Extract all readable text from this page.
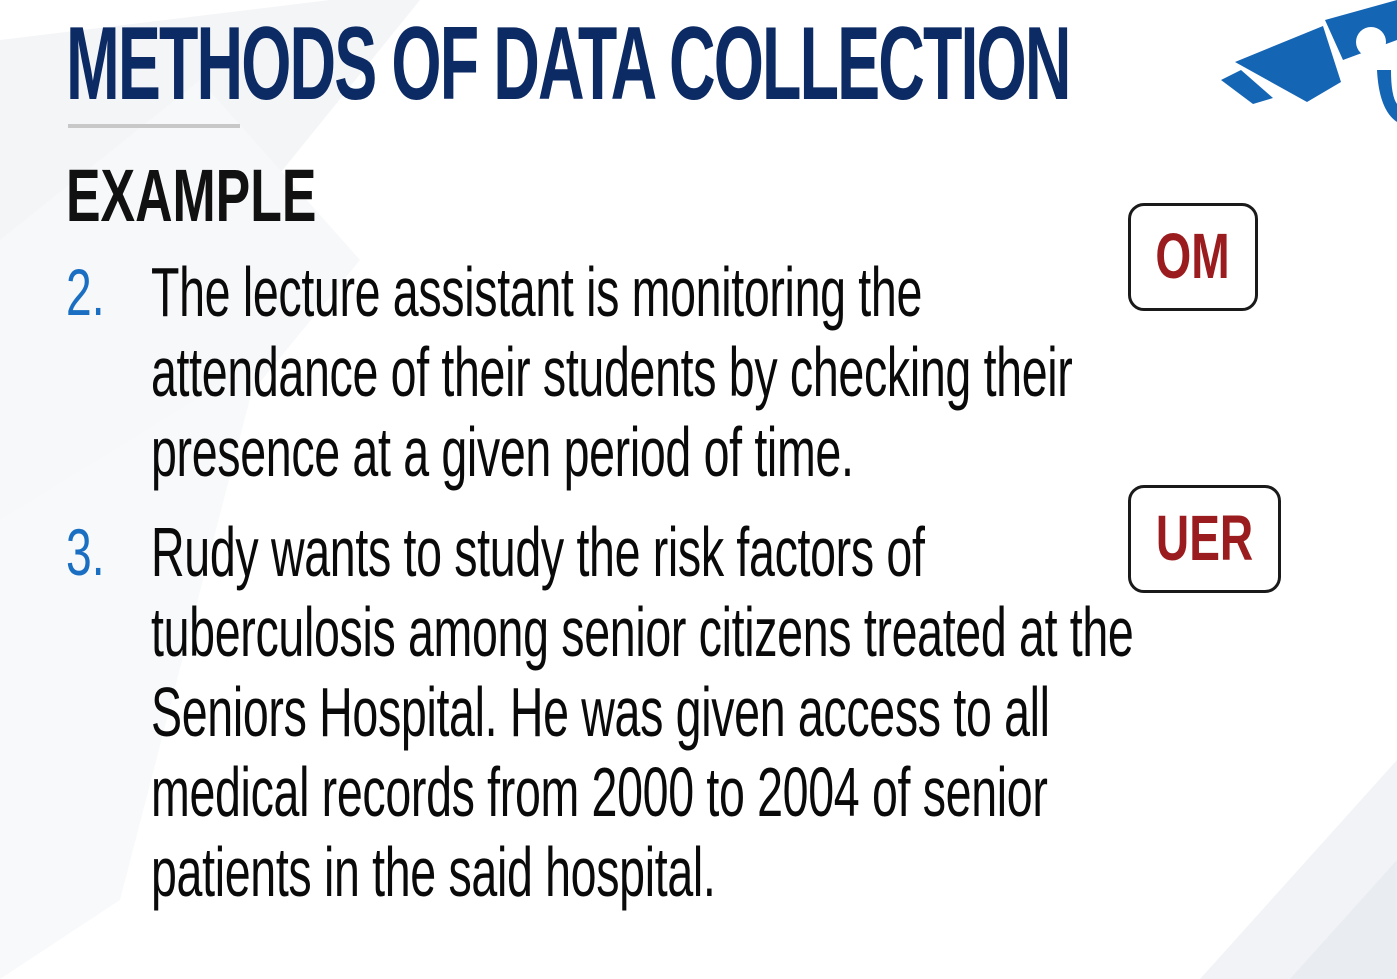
METHODS OF DATA COLLECTION
EXAMPLE
2. The lecture assistant is monitoring the
attendance of their students by checking their
presence at a given period of time.
OM
3. Rudy wants to study the risk factors of
tuberculosis among senior citizens treated at the
Seniors Hospital. He was given access to all
medical records from 2000 to 2004 of senior
patients in the said hospital.
UER
